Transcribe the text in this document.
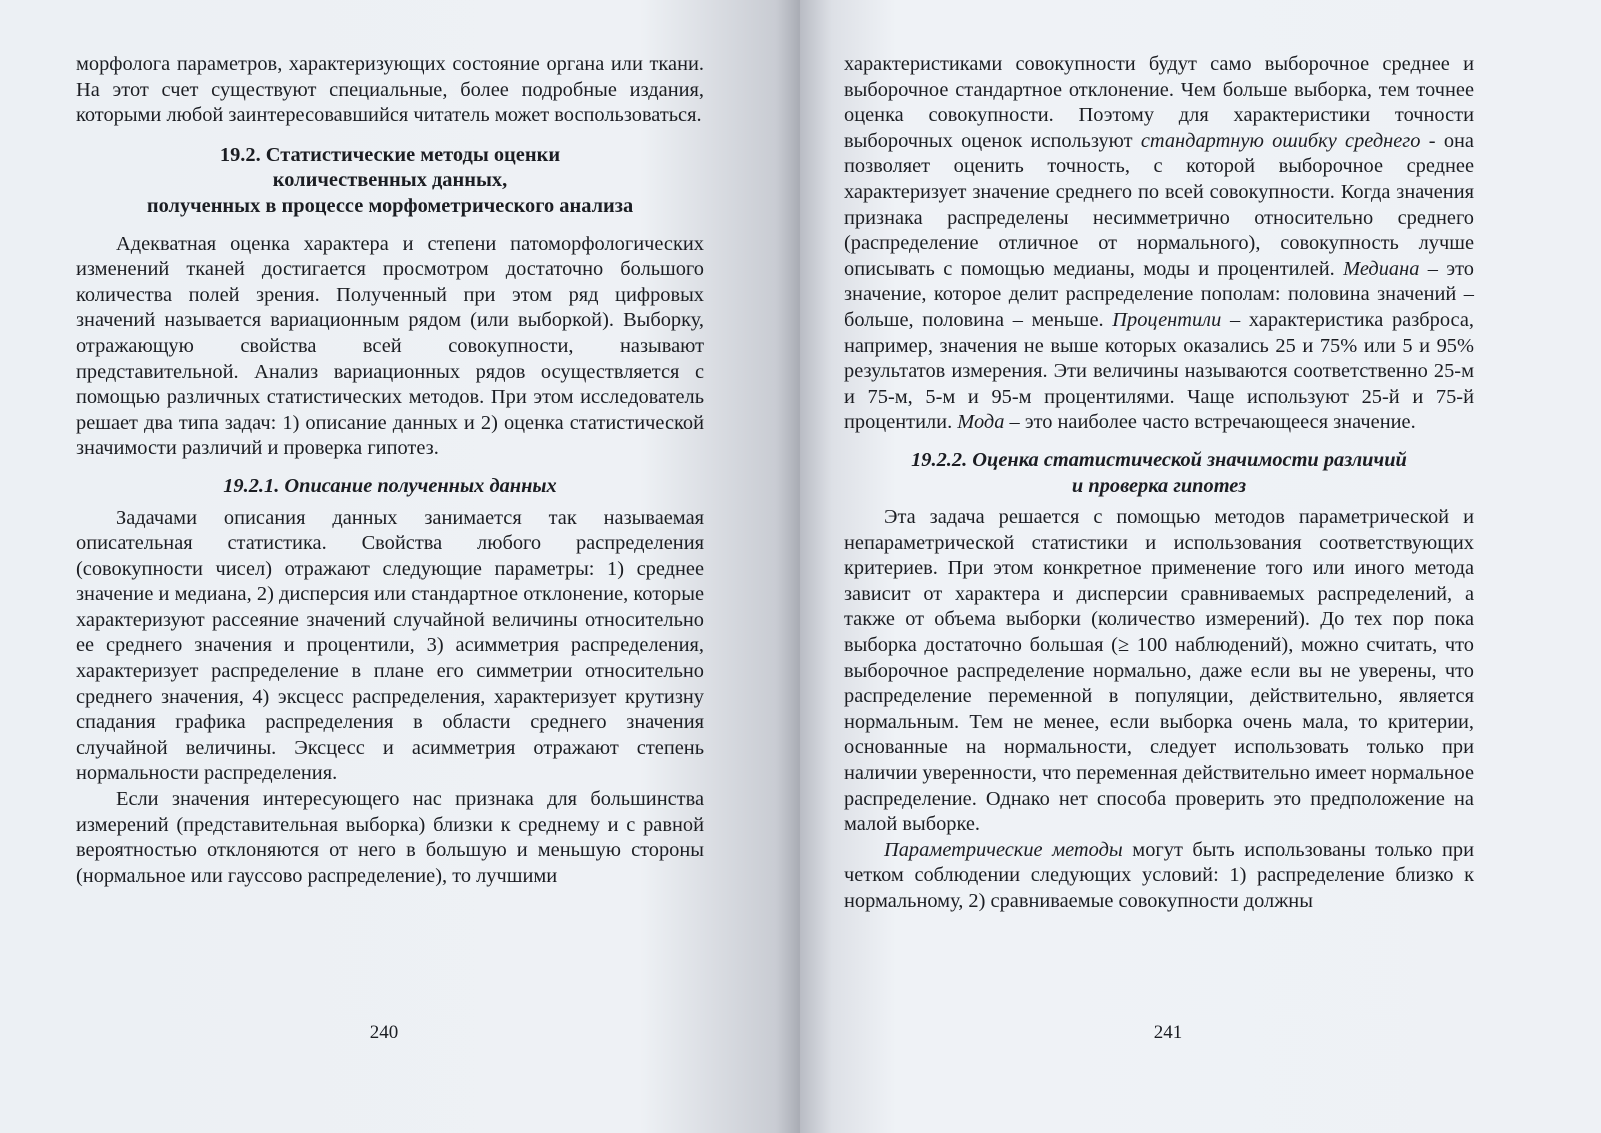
морфолога параметров, характеризующих состояние органа или ткани. На этот счет существуют специальные, более подробные издания, которыми любой заинтересовавшийся читатель может воспользоваться.

19.2. Статистические методы оценки
количественных данных,
полученных в процессе морфометрического анализа

Адекватная оценка характера и степени патоморфологических изменений тканей достигается просмотром достаточно большого количества полей зрения. Полученный при этом ряд цифровых значений называется вариационным рядом (или выборкой). Выборку, отражающую свойства всей совокупности, называют представительной. Анализ вариационных рядов осуществляется с помощью различных статистических методов. При этом исследователь решает два типа задач: 1) описание данных и 2) оценка статистической значимости различий и проверка гипотез.

19.2.1. Описание полученных данных

Задачами описания данных занимается так называемая описательная статистика. Свойства любого распределения (совокупности чисел) отражают следующие параметры: 1) среднее значение и медиана, 2) дисперсия или стандартное отклонение, которые характеризуют рассеяние значений случайной величины относительно ее среднего значения и процентили, 3) асимметрия распределения, характеризует распределение в плане его симметрии относительно среднего значения, 4) эксцесс распределения, характеризует крутизну спадания графика распределения в области среднего значения случайной величины. Эксцесс и асимметрия отражают степень нормальности распределения.

Если значения интересующего нас признака для большинства измерений (представительная выборка) близки к среднему и с равной вероятностью отклоняются от него в большую и меньшую стороны (нормальное или гауссово распределение), то лучшими

240

характеристиками совокупности будут само выборочное среднее и выборочное стандартное отклонение. Чем больше выборка, тем точнее оценка совокупности. Поэтому для характеристики точности выборочных оценок используют стандартную ошибку среднего - она позволяет оценить точность, с которой выборочное среднее характеризует значение среднего по всей совокупности. Когда значения признака распределены несимметрично относительно среднего (распределение отличное от нормального), совокупность лучше описывать с помощью медианы, моды и процентилей. Медиана – это значение, которое делит распределение пополам: половина значений – больше, половина – меньше. Процентили – характеристика разброса, например, значения не выше которых оказались 25 и 75% или 5 и 95% результатов измерения. Эти величины называются соответственно 25-м и 75-м, 5-м и 95-м процентилями. Чаще используют 25-й и 75-й процентили. Мода – это наиболее часто встречающееся значение.

19.2.2. Оценка статистической значимости различий
и проверка гипотез

Эта задача решается с помощью методов параметрической и непараметрической статистики и использования соответствующих критериев. При этом конкретное применение того или иного метода зависит от характера и дисперсии сравниваемых распределений, а также от объема выборки (количество измерений). До тех пор пока выборка достаточно большая (≥ 100 наблюдений), можно считать, что выборочное распределение нормально, даже если вы не уверены, что распределение переменной в популяции, действительно, является нормальным. Тем не менее, если выборка очень мала, то критерии, основанные на нормальности, следует использовать только при наличии уверенности, что переменная действительно имеет нормальное распределение. Однако нет способа проверить это предположение на малой выборке.

Параметрические методы могут быть использованы только при четком соблюдении следующих условий: 1) распределение близко к нормальному, 2) сравниваемые совокупности должны

241
